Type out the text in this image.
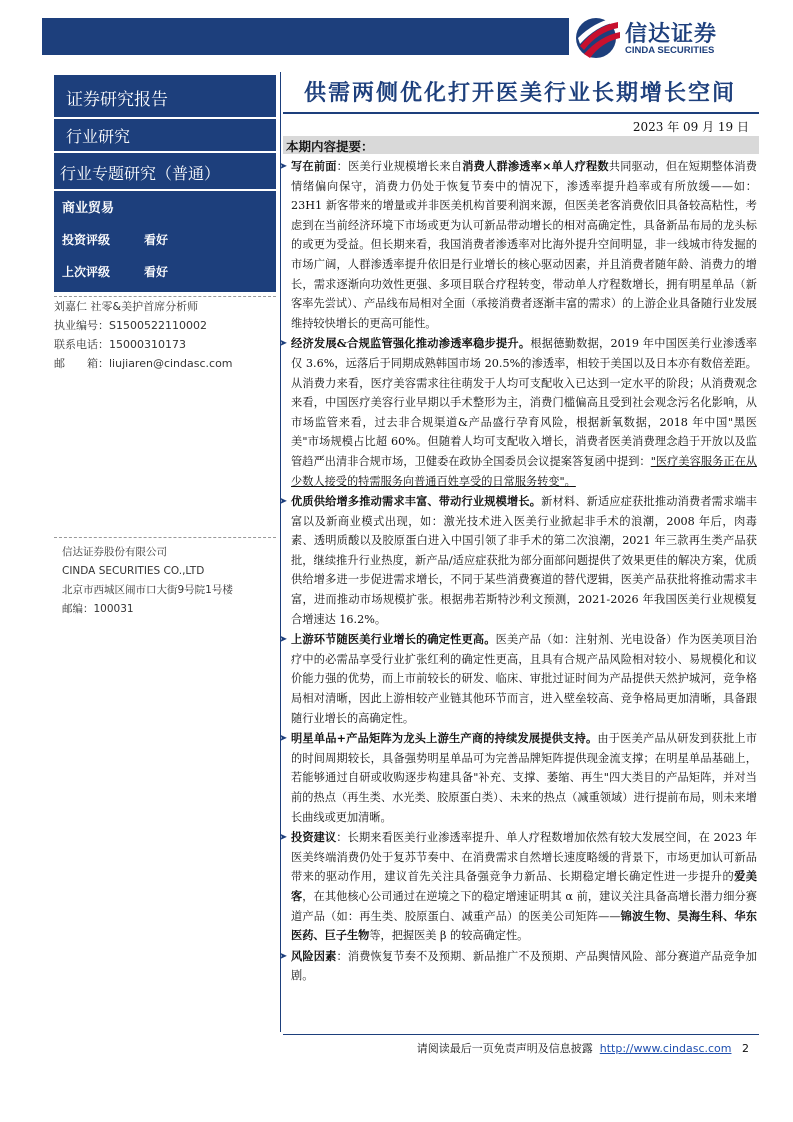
信达证券
CINDA SECURITIES
证券研究报告
行业研究
行业专题研究（普通）
商业贸易
投资评级	看好
上次评级	看好
刘嘉仁 社零&美护首席分析师
执业编号：S1500522110002
联系电话：15000310173
邮　　箱：liujiaren@cindasc.com
信达证券股份有限公司
CINDA SECURITIES CO.,LTD
北京市西城区闹市口大街9号院1号楼
邮编：100031
供需两侧优化打开医美行业长期增长空间
2023 年 09 月 19 日
本期内容提要：

➤ 写在前面：医美行业规模增长来自消费人群渗透率×单人疗程数共同驱动，但在短期整体消费情绪偏向保守，消费力仍处于恢复节奏中的情况下，渗透率提升趋率或有所放缓——如：23H1 新客带来的增量或并非医美机构首要利润来源，但医美老客消费依旧具备较高粘性，考虑到在当前经济环境下市场或更为认可新品带动增长的相对高确定性，具备新品布局的龙头标的或更为受益。但长期来看，我国消费者渗透率对比海外提升空间明显，非一线城市待发掘的市场广阔，人群渗透率提升依旧是行业增长的核心驱动因素，并且消费者随年龄、消费力的增长，需求逐渐向功效性更强、多项目联合疗程转变，带动单人疗程数增长，拥有明星单品（新客率先尝试）、产品线布局相对全面（承接消费者逐渐丰富的需求）的上游企业具备随行业发展维持较快增长的更高可能性。

➤ 经济发展&合规监管强化推动渗透率稳步提升。根据德勤数据，2019 年中国医美行业渗透率仅 3.6%，远落后于同期成熟韩国市场 20.5%的渗透率，相较于美国以及日本亦有数倍差距。从消费力来看，医疗美容需求往往萌发于人均可支配收入已达到一定水平的阶段；从消费观念来看，中国医疗美容行业早期以手术整形为主，消费门槛偏高且受到社会观念污名化影响，从市场监管来看，过去非合规渠道&产品盛行孕育风险，根据新氧数据，2018 年中国"黑医美"市场规模占比超 60%。但随着人均可支配收入增长，消费者医美消费理念趋于开放以及监管趋严出清非合规市场，卫健委在政协全国委员会议提案答复函中提到："医疗美容服务正在从少数人接受的特需服务向普通百姓享受的日常服务转变"。

➤ 优质供给增多推动需求丰富、带动行业规模增长。新材料、新适应症获批推动消费者需求端丰富以及新商业模式出现，如：激光技术进入医美行业掀起非手术的浪潮，2008 年后，肉毒素、透明质酸以及胶原蛋白进入中国引领了非手术的第二次浪潮，2021 年三款再生类产品获批，继续推升行业热度，新产品/适应症获批为部分面部问题提供了效果更佳的解决方案，优质供给增多进一步促进需求增长，不同于某些消费赛道的替代逻辑，医美产品获批将推动需求丰富，进而推动市场规模扩张。根据弗若斯特沙利文预测，2021-2026 年我国医美行业规模复合增速达 16.2%。

➤ 上游环节随医美行业增长的确定性更高。医美产品（如：注射剂、光电设备）作为医美项目治疗中的必需品享受行业扩张红利的确定性更高，且具有合规产品风险相对较小、易规模化和议价能力强的优势，而上市前较长的研发、临床、审批过证时间为产品提供天然护城河，竞争格局相对清晰，因此上游相较产业链其他环节而言，进入壁垒较高、竞争格局更加清晰，具备跟随行业增长的高确定性。

➤ 明星单品+产品矩阵为龙头上游生产商的持续发展提供支持。由于医美产品从研发到获批上市的时间周期较长，具备强势明星单品可为完善品牌矩阵提供现金流支撑；在明星单品基础上，若能够通过自研或收购逐步构建具备"补充、支撑、萎缩、再生"四大类目的产品矩阵，并对当前的热点（再生类、水光类、胶原蛋白类）、未来的热点（减重领域）进行提前布局，则未来增长曲线或更加清晰。

➤ 投资建议：长期来看医美行业渗透率提升、单人疗程数增加依然有较大发展空间，在 2023 年医美终端消费仍处于复苏节奏中、在消费需求自然增长速度略缓的背景下，市场更加认可新品带来的驱动作用，建议首先关注具备强竞争力新品、长期稳定增长确定性进一步提升的爱美客，在其他核心公司通过在逆境之下的稳定增速证明其 α 前，建议关注具备高增长潜力细分赛道产品（如：再生类、胶原蛋白、减重产品）的医美公司矩阵——锦波生物、昊海生科、华东医药、巨子生物等，把握医美 β 的较高确定性。

➤ 风险因素：消费恢复节奏不及预期、新品推广不及预期、产品舆情风险、部分赛道产品竞争加剧。

请阅读最后一页免责声明及信息披露 http://www.cindasc.com 2
